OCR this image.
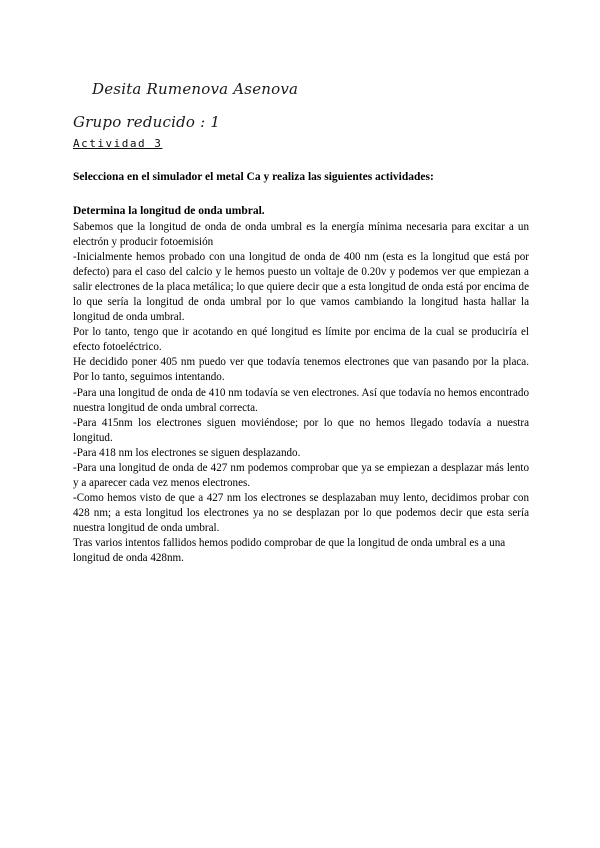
Desita Rumenova Asenova
Grupo reducido : 1
Actividad 3
Selecciona en el simulador el metal Ca y realiza las siguientes actividades:
Determina la longitud de onda umbral.

Sabemos que la longitud de onda de onda umbral es la energía mínima necesaria para excitar a un electrón y producir fotoemisión

-Inicialmente hemos probado con una longitud de onda de 400 nm (esta es la longitud que está por defecto) para el caso del calcio y le hemos puesto un voltaje de 0.20v y podemos ver que empiezan a salir electrones de la placa metálica; lo que quiere decir que a esta longitud de onda está por encima de lo que sería la longitud de onda umbral por lo que vamos cambiando la longitud hasta hallar la longitud de onda umbral.

Por lo tanto, tengo que ir acotando en qué longitud es límite por encima de la cual se produciría el efecto fotoeléctrico.

He decidido poner 405 nm puedo ver que todavía tenemos electrones que van pasando por la placa. Por lo tanto, seguimos intentando.

-Para una longitud de onda de 410 nm todavía se ven electrones. Así que todavía no hemos encontrado nuestra longitud de onda umbral correcta.

-Para 415nm los electrones siguen moviéndose; por lo que no hemos llegado todavía a nuestra longitud.

-Para 418 nm los electrones se siguen desplazando.

-Para una longitud de onda de 427 nm podemos comprobar que ya se empiezan a desplazar más lento y a aparecer cada vez menos electrones.

-Como hemos visto de que a 427 nm los electrones se desplazaban muy lento, decidimos probar con 428 nm; a esta longitud los electrones ya no se desplazan por lo que podemos decir que esta sería nuestra longitud de onda umbral.

Tras varios intentos fallidos hemos podido comprobar de que la longitud de onda umbral es a una longitud de onda 428nm.
